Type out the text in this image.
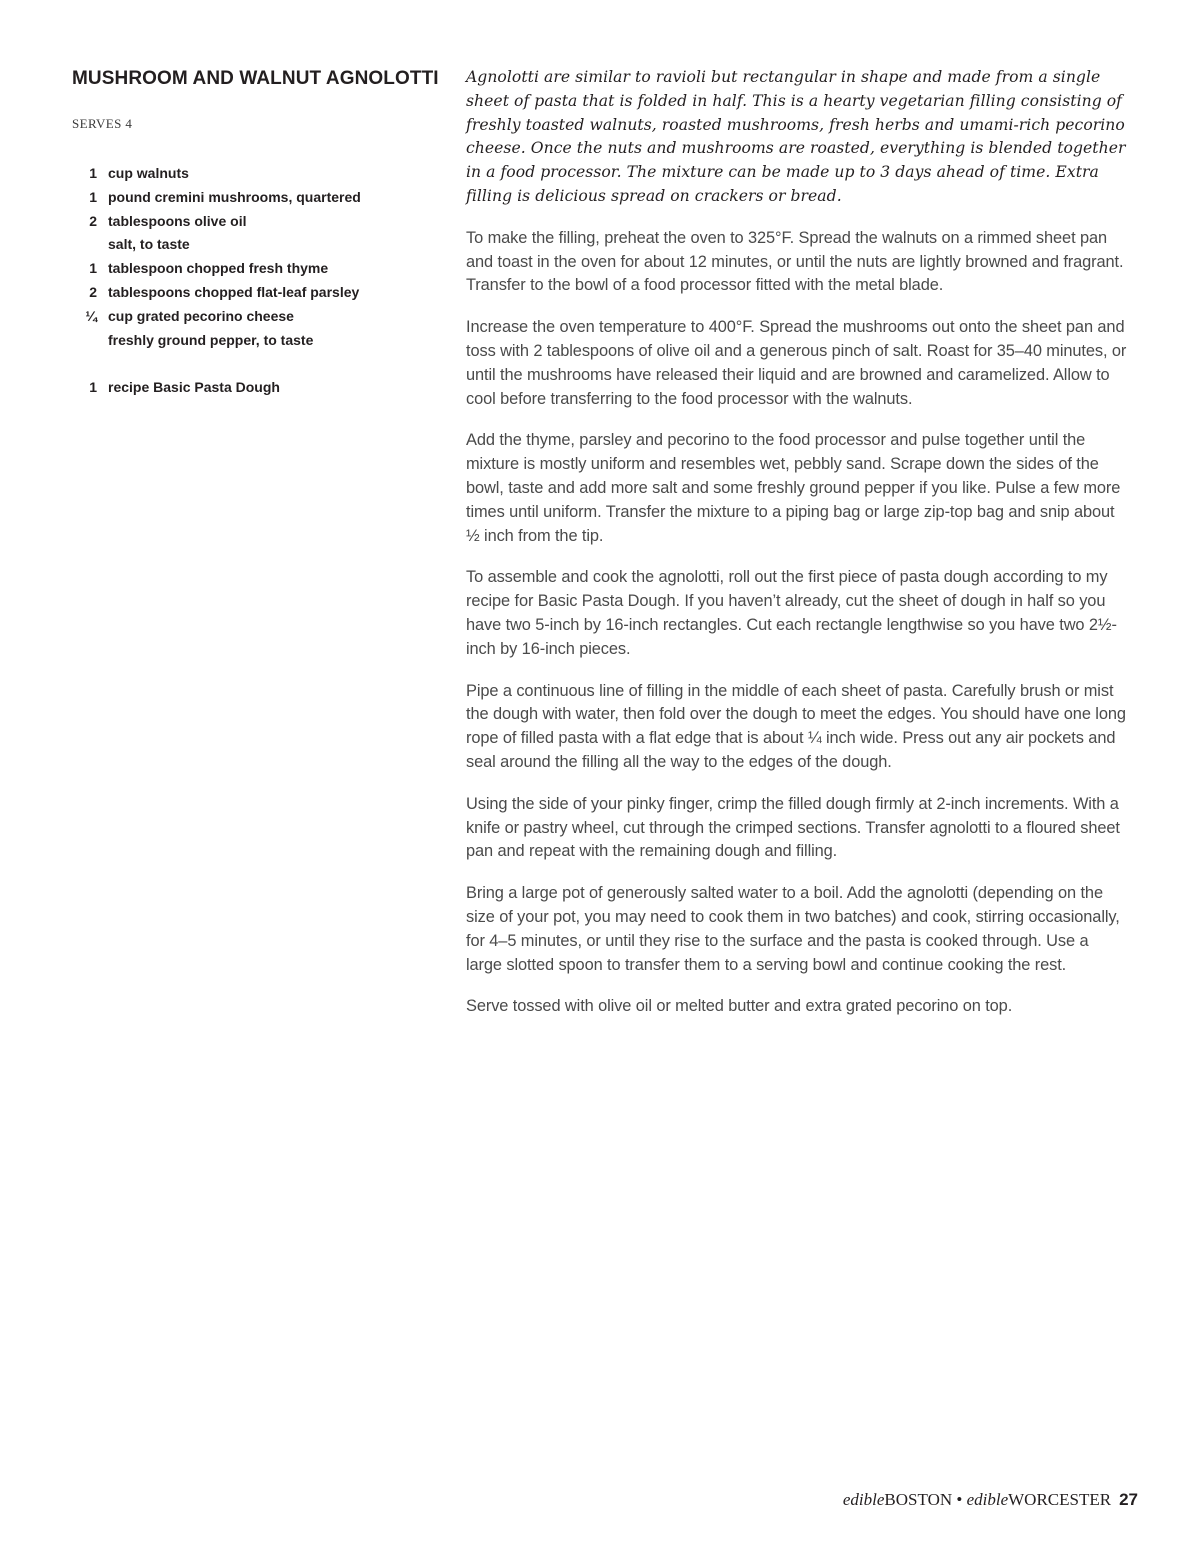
MUSHROOM AND WALNUT AGNOLOTTI
SERVES 4
1 cup walnuts
1 pound cremini mushrooms, quartered
2 tablespoons olive oil
salt, to taste
1 tablespoon chopped fresh thyme
2 tablespoons chopped flat-leaf parsley
¼ cup grated pecorino cheese
freshly ground pepper, to taste
1 recipe Basic Pasta Dough

Agnolotti are similar to ravioli but rectangular in shape and made from a single sheet of pasta that is folded in half. This is a hearty vegetarian filling consisting of freshly toasted walnuts, roasted mushrooms, fresh herbs and umami-rich pecorino cheese. Once the nuts and mushrooms are roasted, everything is blended together in a food processor. The mixture can be made up to 3 days ahead of time. Extra filling is delicious spread on crackers or bread.

To make the filling, preheat the oven to 325°F. Spread the walnuts on a rimmed sheet pan and toast in the oven for about 12 minutes, or until the nuts are lightly browned and fragrant. Transfer to the bowl of a food processor fitted with the metal blade.

Increase the oven temperature to 400°F. Spread the mushrooms out onto the sheet pan and toss with 2 tablespoons of olive oil and a generous pinch of salt. Roast for 35–40 minutes, or until the mushrooms have released their liquid and are browned and caramelized. Allow to cool before transferring to the food processor with the walnuts.

Add the thyme, parsley and pecorino to the food processor and pulse together until the mixture is mostly uniform and resembles wet, pebbly sand. Scrape down the sides of the bowl, taste and add more salt and some freshly ground pepper if you like. Pulse a few more times until uniform. Transfer the mixture to a piping bag or large zip-top bag and snip about ½ inch from the tip.

To assemble and cook the agnolotti, roll out the first piece of pasta dough according to my recipe for Basic Pasta Dough. If you haven’t already, cut the sheet of dough in half so you have two 5-inch by 16-inch rectangles. Cut each rectangle lengthwise so you have two 2½-inch by 16-inch pieces.

Pipe a continuous line of filling in the middle of each sheet of pasta. Carefully brush or mist the dough with water, then fold over the dough to meet the edges. You should have one long rope of filled pasta with a flat edge that is about ¼ inch wide. Press out any air pockets and seal around the filling all the way to the edges of the dough.

Using the side of your pinky finger, crimp the filled dough firmly at 2-inch increments. With a knife or pastry wheel, cut through the crimped sections. Transfer agnolotti to a floured sheet pan and repeat with the remaining dough and filling.

Bring a large pot of generously salted water to a boil. Add the agnolotti (depending on the size of your pot, you may need to cook them in two batches) and cook, stirring occasionally, for 4–5 minutes, or until they rise to the surface and the pasta is cooked through. Use a large slotted spoon to transfer them to a serving bowl and continue cooking the rest.

Serve tossed with olive oil or melted butter and extra grated pecorino on top.

edibleBOSTON • edibleWORCESTER 27
